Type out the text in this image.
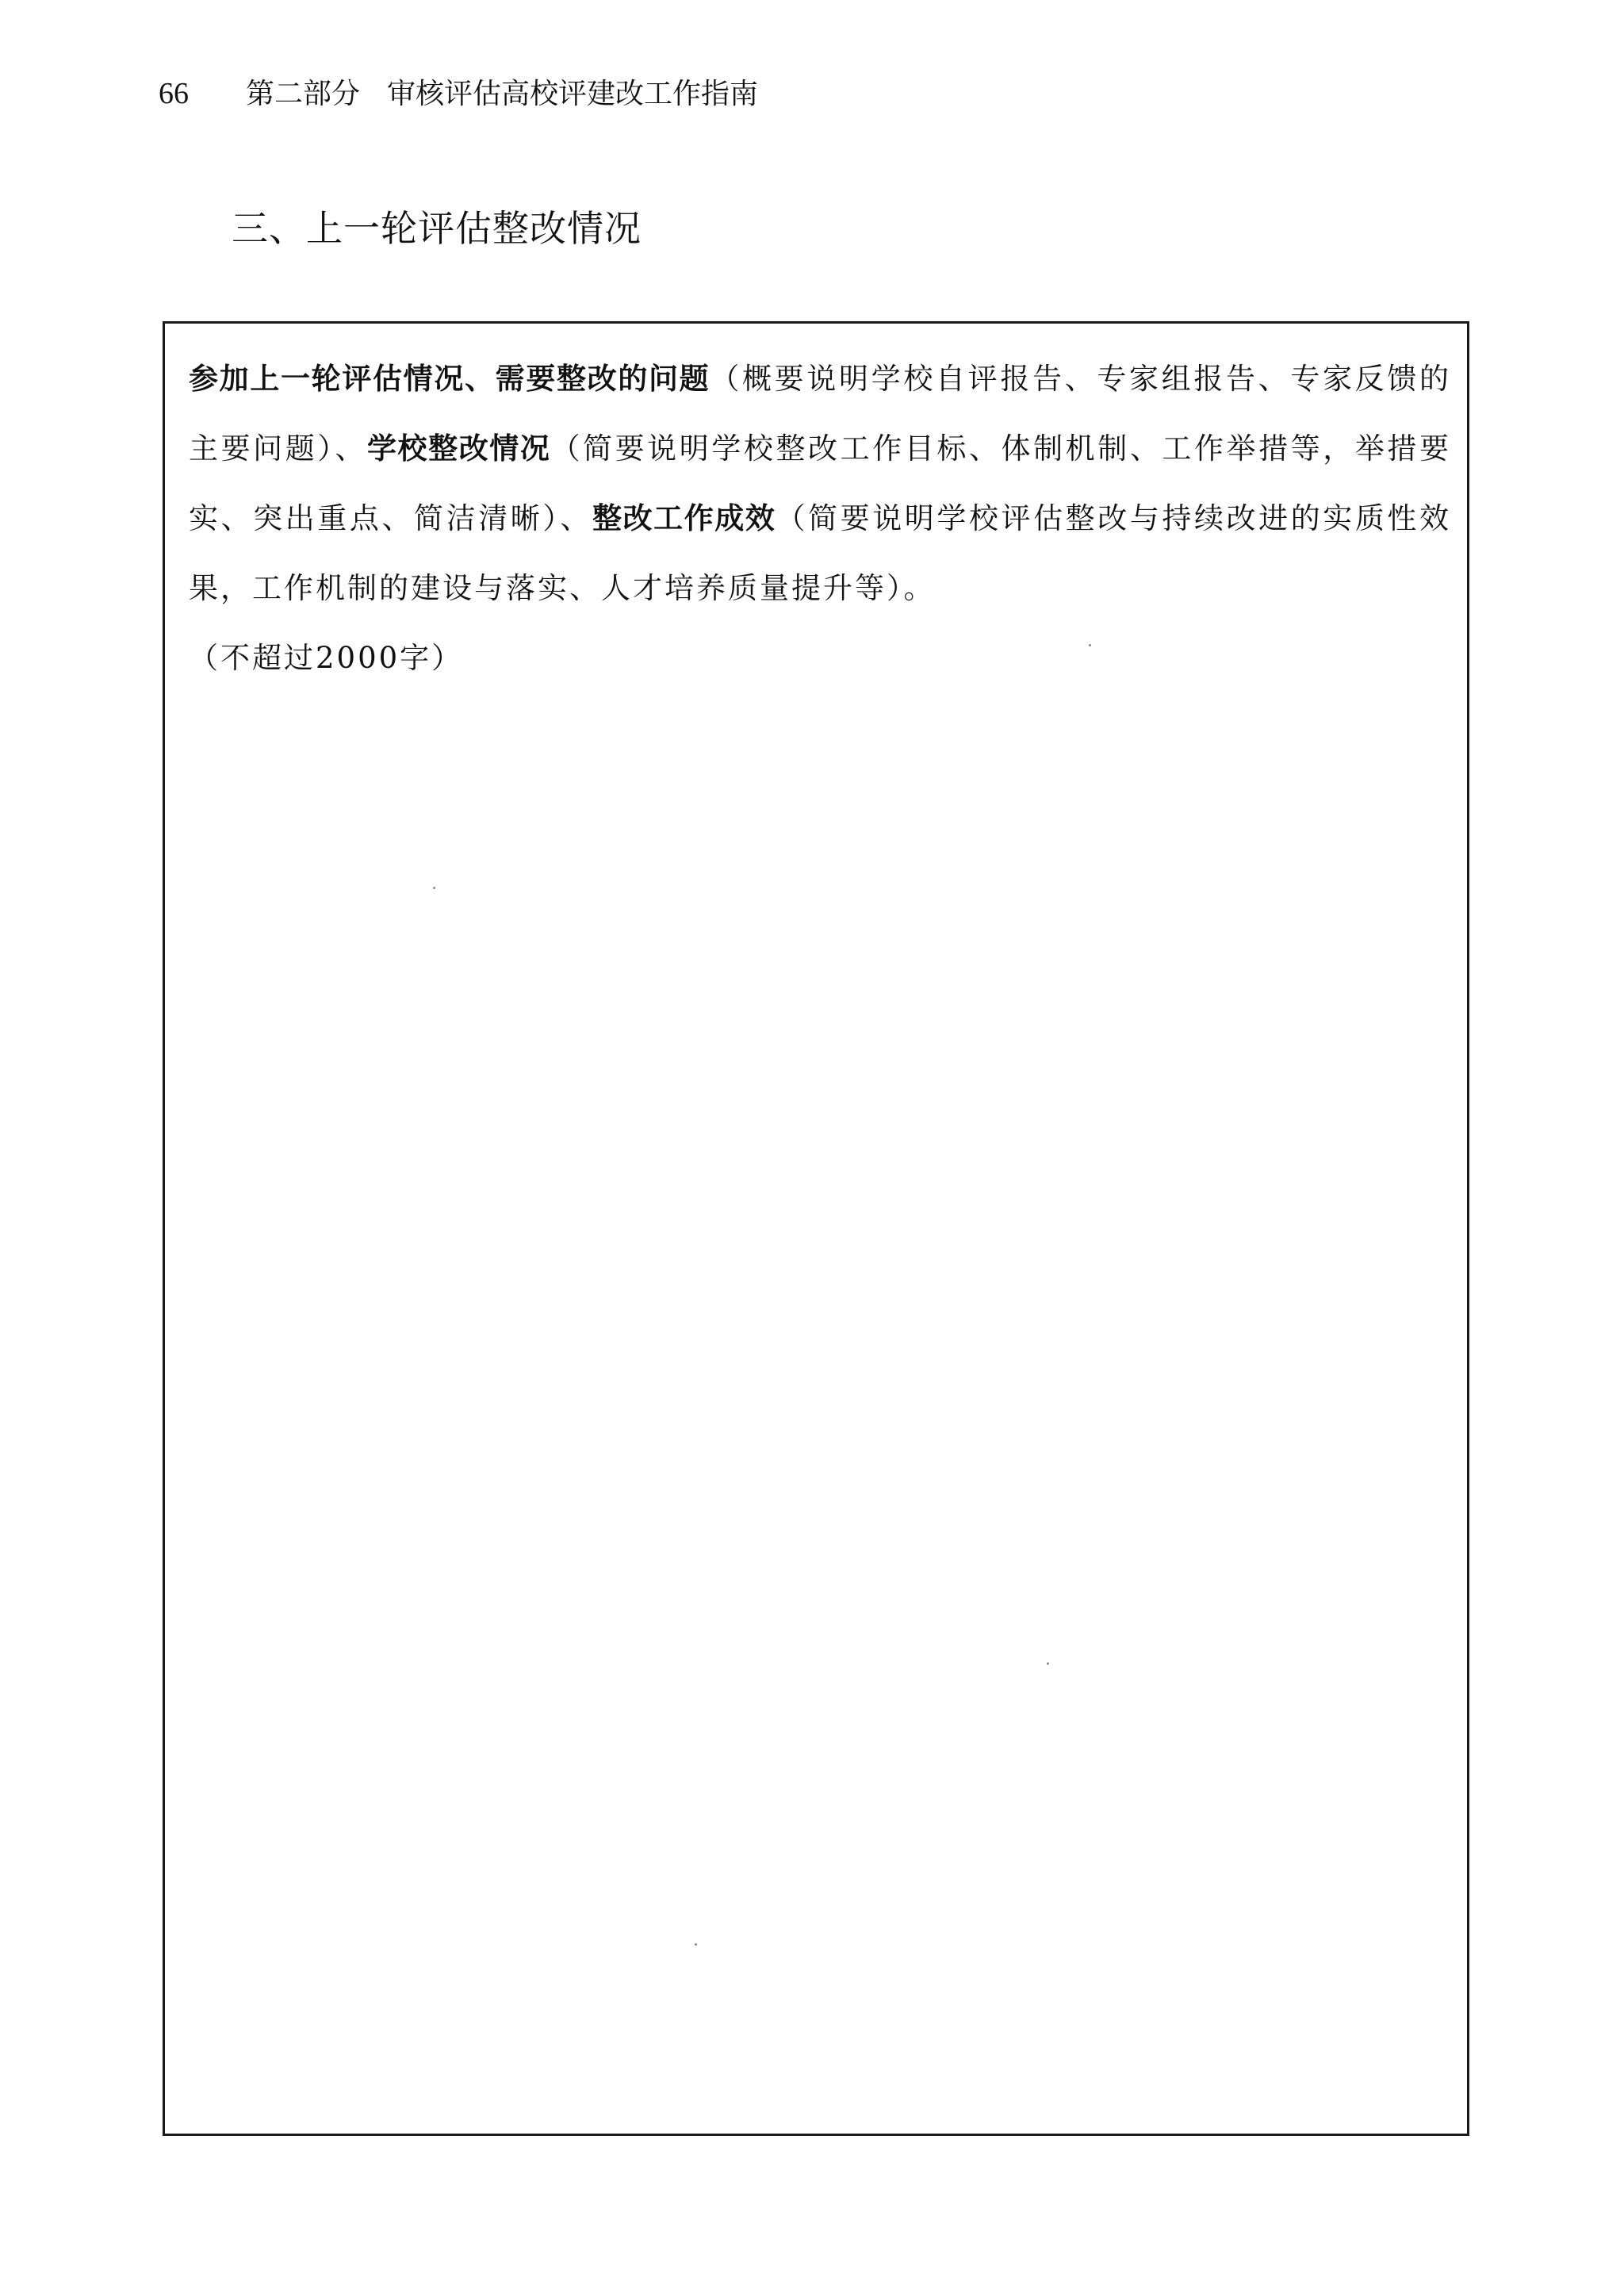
66	第二部分 审核评估高校评建改工作指南
三、上一轮评估整改情况
参加上一轮评估情况、需要整改的问题（概要说明学校自评报告、专家组报告、专家反馈的主要问题）、学校整改情况（简要说明学校整改工作目标、体制机制、工作举措等，举措要实、突出重点、简洁清晰）、整改工作成效（简要说明学校评估整改与持续改进的实质性效果，工作机制的建设与落实、人才培养质量提升等）。
（不超过2000字）
